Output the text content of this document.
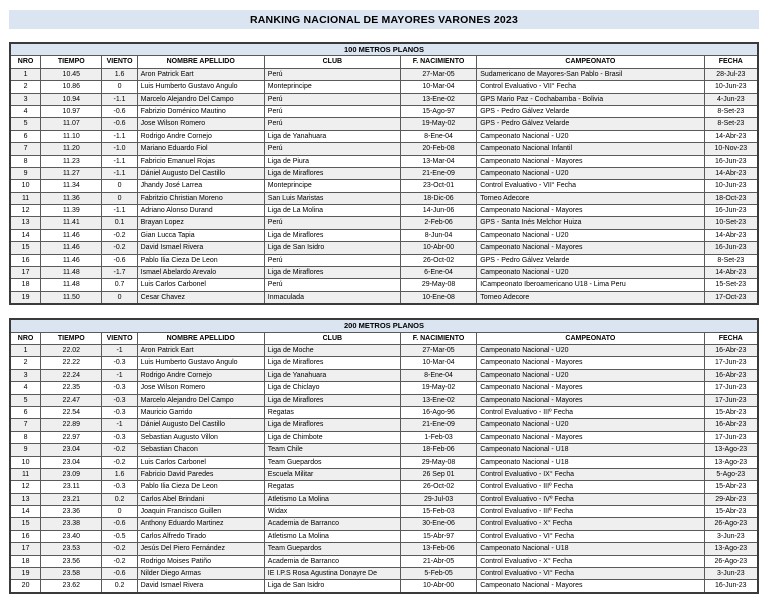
RANKING NACIONAL DE MAYORES VARONES 2023
100 METROS PLANOS							
NRO	TIEMPO	VIENTO	NOMBRE APELLIDO	CLUB	F. NACIMIENTO	CAMPEONATO	FECHA
1	10.45	1.6	Aron Patrick Eart	Perú	27-Mar-05	Sudamericano de Mayores-San Pablo - Brasil	28-Jul-23
2	10.86	0	Luis Humberto Gustavo Angulo	Monteprincipe	10-Mar-04	Control Evaluativo - VII° Fecha	10-Jun-23
3	10.94	-1.1	Marcelo Alejandro Del Campo	Perú	13-Ene-02	GPS Mario Paz - Cochabamba - Bolivia	4-Jun-23
4	10.97	-0.6	Fabrizio Doménico Mautino	Perú	15-Ago-97	GPS - Pedro Gálvez Velarde	8-Set-23
5	11.07	-0.6	Jose Wilson Romero	Perú	19-May-02	GPS - Pedro Gálvez Velarde	8-Set-23
6	11.10	-1.1	Rodrigo Andre Cornejo	Liga de Yanahuara	8-Ene-04	Campeonato Nacional - U20	14-Abr-23
7	11.20	-1.0	Mariano Eduardo Fiol	Perú	20-Feb-08	Campeonato Nacional Infantil	10-Nov-23
8	11.23	-1.1	Fabricio Emanuel Rojas	Liga de Piura	13-Mar-04	Campeonato Nacional - Mayores	16-Jun-23
9	11.27	-1.1	Dániel Augusto Del Castillo	Liga de Miraflores	21-Ene-09	Campeonato Nacional - U20	14-Abr-23
10	11.34	0	Jhandy José Larrea	Monteprincipe	23-Oct-01	Control Evaluativo - VII° Fecha	10-Jun-23
11	11.36	0	Fabritzio Christian Moreno	San Luis Maristas	18-Dic-06	Torneo Adecore	18-Oct-23
12	11.39	-1.1	Adriano Alonso Durand	Liga de La Molina	14-Jun-06	Campeonato Nacional - Mayores	16-Jun-23
13	11.41	0.1	Brayan Lopez	Perú	2-Feb-06	GPS - Santa Inés Melchor Huiza	10-Set-23
14	11.46	-0.2	Gian Lucca Tapia	Liga de Miraflores	8-Jun-04	Campeonato Nacional - U20	14-Abr-23
15	11.46	-0.2	David Ismael Rivera	Liga de San Isidro	10-Abr-00	Campeonato Nacional - Mayores	16-Jun-23
16	11.46	-0.6	Pablo Ilia Cieza De Leon	Perú	26-Oct-02	GPS - Pedro Gálvez Velarde	8-Set-23
17	11.48	-1.7	Ismael Abelardo Arevalo	Liga de Miraflores	6-Ene-04	Campeonato Nacional - U20	14-Abr-23
18	11.48	0.7	Luis Carlos Carbonel	Perú	29-May-08	ICampeonato Iberoamericano U18 - Lima Peru	15-Set-23
19	11.50	0	Cesar Chavez	Inmaculada	10-Ene-08	Torneo Adecore	17-Oct-23
200 METROS PLANOS							
NRO	TIEMPO	VIENTO	NOMBRE APELLIDO	CLUB	F. NACIMIENTO	CAMPEONATO	FECHA
1	22.02	-1	Aron Patrick Eart	Liga de Moche	27-Mar-05	Campeonato Nacional - U20	16-Abr-23
2	22.22	-0.3	Luis Humberto Gustavo Angulo	Liga de Miraflores	10-Mar-04	Campeonato Nacional - Mayores	17-Jun-23
3	22.24	-1	Rodrigo Andre Cornejo	Liga de Yanahuara	8-Ene-04	Campeonato Nacional - U20	16-Abr-23
4	22.35	-0.3	Jose Wilson Romero	Liga de Chiclayo	19-May-02	Campeonato Nacional - Mayores	17-Jun-23
5	22.47	-0.3	Marcelo Alejandro Del Campo	Liga de Miraflores	13-Ene-02	Campeonato Nacional - Mayores	17-Jun-23
6	22.54	-0.3	Mauricio Garrido	Regatas	16-Ago-96	Control Evaluativo - IIIº Fecha	15-Abr-23
7	22.89	-1	Dániel Augusto Del Castillo	Liga de Miraflores	21-Ene-09	Campeonato Nacional - U20	16-Abr-23
8	22.97	-0.3	Sebastian Augusto Villon	Liga de Chimbote	1-Feb-03	Campeonato Nacional - Mayores	17-Jun-23
9	23.04	-0.2	Sebastian Chacon	Team Chile	18-Feb-06	Campeonato Nacional - U18	13-Ago-23
10	23.04	-0.2	Luis Carlos Carbonel	Team Guepardos	29-May-08	Campeonato Nacional - U18	13-Ago-23
11	23.09	1.6	Fabricio David Paredes	Escuela Militar	26 Sep 01	Control Evaluativo - IX° Fecha	5-Ago-23
12	23.11	-0.3	Pablo Ilia Cieza De Leon	Regatas	26-Oct-02	Control Evaluativo - IIIº Fecha	15-Abr-23
13	23.21	0.2	Carlos Abel Brindani	Atletismo La Molina	29-Jul-03	Control Evaluativo - IVº Fecha	29-Abr-23
14	23.36	0	Joaquin Francisco Guillen	Widax	15-Feb-03	Control Evaluativo - IIIº Fecha	15-Abr-23
15	23.38	-0.6	Anthony Eduardo Martinez	Academia de Barranco	30-Ene-06	Control Evaluativo - X° Fecha	26-Ago-23
16	23.40	-0.5	Carlos Alfredo Tirado	Atletismo La Molina	15-Abr-97	Control Evaluativo - VI° Fecha	3-Jun-23
17	23.53	-0.2	Jesús Del Piero Fernández	Team Guepardos	13-Feb-06	Campeonato Nacional - U18	13-Ago-23
18	23.56	-0.2	Rodrigo Moises Patiño	Academia de Barranco	21-Abr-05	Control Evaluativo - X° Fecha	26-Ago-23
19	23.58	-0.6	Nilder Diego Armas	IE I.P.S Rosa Agustina Donayre De	5-Feb-05	Control Evaluativo - VI° Fecha	3-Jun-23
20	23.62	0.2	David Ismael Rivera	Liga de San Isidro	10-Abr-00	Campeonato Nacional - Mayores	16-Jun-23
